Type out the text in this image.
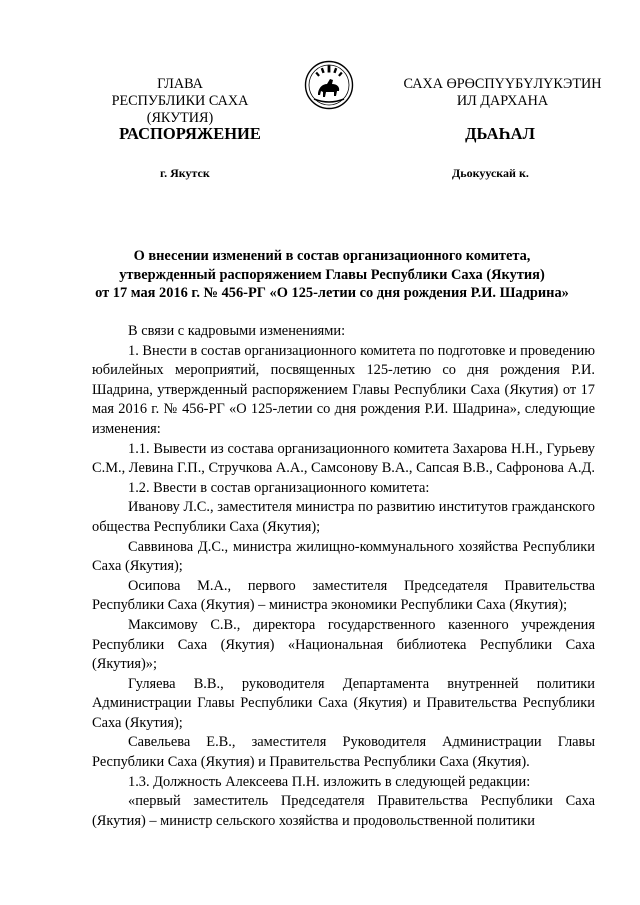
ГЛАВА
РЕСПУБЛИКИ САХА (ЯКУТИЯ)
САХА ӨРӨСПҮҮБҮЛҮКЭТИН
ИЛ ДАРХАНА
РАСПОРЯЖЕНИЕ	ДЬАҺАЛ
г. Якутск	Дьокуускай к.
О внесении изменений в состав организационного комитета,
утвержденный распоряжением Главы Республики Саха (Якутия)
от 17 мая 2016 г. № 456-РГ «О 125-летии со дня рождения Р.И. Шадрина»

В связи с кадровыми изменениями:

1. Внести в состав организационного комитета по подготовке и проведению юбилейных мероприятий, посвященных 125-летию со дня рождения Р.И. Шадрина, утвержденный распоряжением Главы Республики Саха (Якутия) от 17 мая 2016 г. № 456-РГ «О 125-летии со дня рождения Р.И. Шадрина», следующие изменения:

1.1. Вывести из состава организационного комитета Захарова Н.Н., Гурьеву С.М., Левина Г.П., Стручкова А.А., Самсонову В.А., Сапсая В.В., Сафронова А.Д.

1.2. Ввести в состав организационного комитета:

Иванову Л.С., заместителя министра по развитию институтов гражданского общества Республики Саха (Якутия);

Саввинова Д.С., министра жилищно-коммунального хозяйства Республики Саха (Якутия);

Осипова М.А., первого заместителя Председателя Правительства Республики Саха (Якутия) – министра экономики Республики Саха (Якутия);

Максимову С.В., директора государственного казенного учреждения Республики Саха (Якутия) «Национальная библиотека Республики Саха (Якутия)»;

Гуляева В.В., руководителя Департамента внутренней политики Администрации Главы Республики Саха (Якутия) и Правительства Республики Саха (Якутия);

Савельева Е.В., заместителя Руководителя Администрации Главы Республики Саха (Якутия) и Правительства Республики Саха (Якутия).

1.3. Должность Алексеева П.Н. изложить в следующей редакции:

«первый заместитель Председателя Правительства Республики Саха (Якутия) – министр сельского хозяйства и продовольственной политики
